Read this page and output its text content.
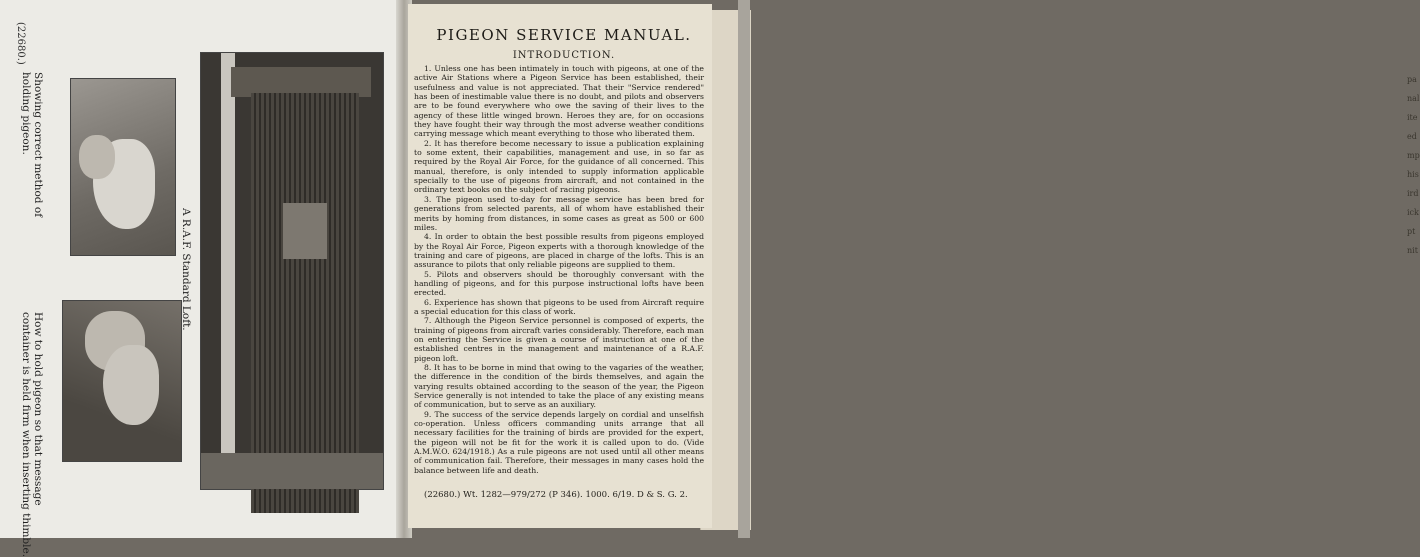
(22680.)
Showing correct method of
holding pigeon.
How to hold pigeon so that message
container is held firm when inserting thimble.
A R.A.F. Standard Loft.
pa
nal
ite
ed
mp
his
ird
ick
pt
nit
PIGEON SERVICE MANUAL.
INTRODUCTION.

1. Unless one has been intimately in touch with pigeons, at one of the active Air Stations where a Pigeon Service has been established, their usefulness and value is not appreciated. That their "Service rendered" has been of inestimable value there is no doubt, and pilots and observers are to be found everywhere who owe the saving of their lives to the agency of these little winged brown. Heroes they are, for on occasions they have fought their way through the most adverse weather conditions carrying message which meant everything to those who liberated them.

2. It has therefore become necessary to issue a publication explaining to some extent, their capabilities, management and use, in so far as required by the Royal Air Force, for the guidance of all concerned. This manual, therefore, is only intended to supply information applicable specially to the use of pigeons from aircraft, and not contained in the ordinary text books on the subject of racing pigeons.

3. The pigeon used to-day for message service has been bred for generations from selected parents, all of whom have established their merits by homing from distances, in some cases as great as 500 or 600 miles.

4. In order to obtain the best possible results from pigeons employed by the Royal Air Force, Pigeon experts with a thorough knowledge of the training and care of pigeons, are placed in charge of the lofts. This is an assurance to pilots that only reliable pigeons are supplied to them.

5. Pilots and observers should be thoroughly conversant with the handling of pigeons, and for this purpose instructional lofts have been erected.

6. Experience has shown that pigeons to be used from Aircraft require a special education for this class of work.

7. Although the Pigeon Service personnel is composed of experts, the training of pigeons from aircraft varies considerably. Therefore, each man on entering the Service is given a course of instruction at one of the established centres in the management and maintenance of a R.A.F. pigeon loft.

8. It has to be borne in mind that owing to the vagaries of the weather, the difference in the condition of the birds themselves, and again the varying results obtained according to the season of the year, the Pigeon Service generally is not intended to take the place of any existing means of communication, but to serve as an auxiliary.

9. The success of the service depends largely on cordial and unselfish co-operation. Unless officers commanding units arrange that all necessary facilities for the training of birds are provided for the expert, the pigeon will not be fit for the work it is called upon to do. (Vide A.M.W.O. 624/1918.) As a rule pigeons are not used until all other means of communication fail. Therefore, their messages in many cases hold the balance between life and death.

(22680.) Wt. 1282—979/272 (P 346). 1000. 6/19. D & S. G. 2.
